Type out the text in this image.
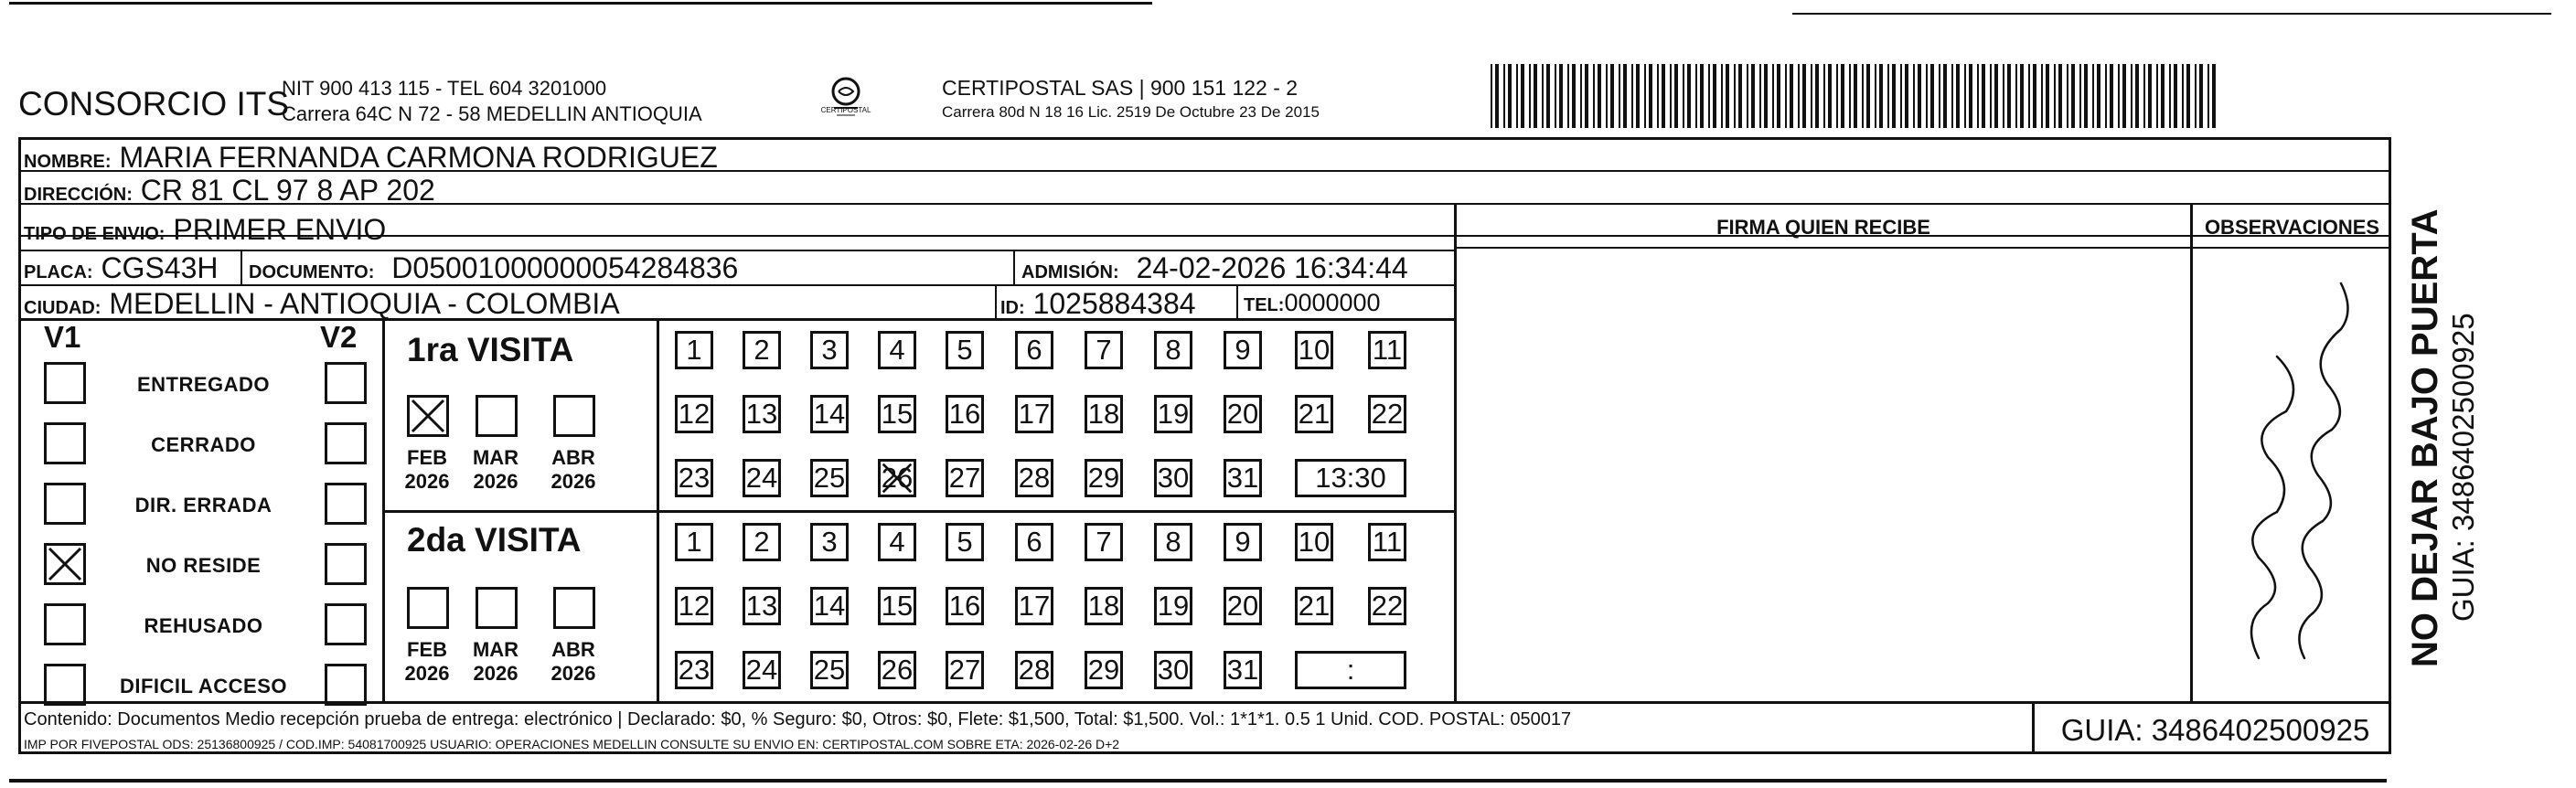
CONSORCIO ITS
NIT 900 413 115 - TEL 604 3201000
Carrera 64C N 72 - 58 MEDELLIN ANTIOQUIA	CERTIPOSTAL
CERTIPOSTAL SAS | 900 151 122 - 2
Carrera 80d N 18 16 Lic. 2519 De Octubre 23 De 2015
NOMBRE: MARIA FERNANDA CARMONA RODRIGUEZ
DIRECCIÓN: CR 81 CL 97 8 AP 202
TIPO DE ENVIO: PRIMER ENVIO
PLACA: CGS43H DOCUMENTO: D05001000000054284836	ADMISIÓN: 24-02-2026 16:34:44
CIUDAD: MEDELLIN - ANTIOQUIA - COLOMBIA	ID: 1025884384	TEL:0000000
FIRMA QUIEN RECIBE	OBSERVACIONES NO DEJAR BAJO PUERTA GUIA: 3486402500925
V1	V2
ENTREGADO
CERRADO
DIR. ERRADA
NO RESIDE
REHUSADO
DIFICIL ACCESO
1ra VISITA
FEB
2026
MAR
2026
ABR
2026
1	2	3	4	5	6	7	8	9	10 11
12 13 14 15 16 17 18 19 20 21 22
23 24 25 26 27 28 29 30 31	13:30
2da VISITA
FEB
2026
MAR
2026
ABR
2026
1	2	3	4	5	6	7	8	9	10 11
12 13 14 15 16 17 18 19 20 21 22
23 24 25 26 27 28 29 30 31	:
Contenido: Documentos Medio recepción prueba de entrega: electrónico | Declarado: $0, % Seguro: $0, Otros: $0, Flete: $1,500, Total: $1,500. Vol.: 1*1*1. 0.5 1 Unid. COD. POSTAL: 050017
IMP POR FIVEPOSTAL ODS: 25136800925 / COD.IMP: 54081700925 USUARIO: OPERACIONES MEDELLIN CONSULTE SU ENVIO EN: CERTIPOSTAL.COM SOBRE ETA: 2026-02-26 D+2	GUIA: 3486402500925
